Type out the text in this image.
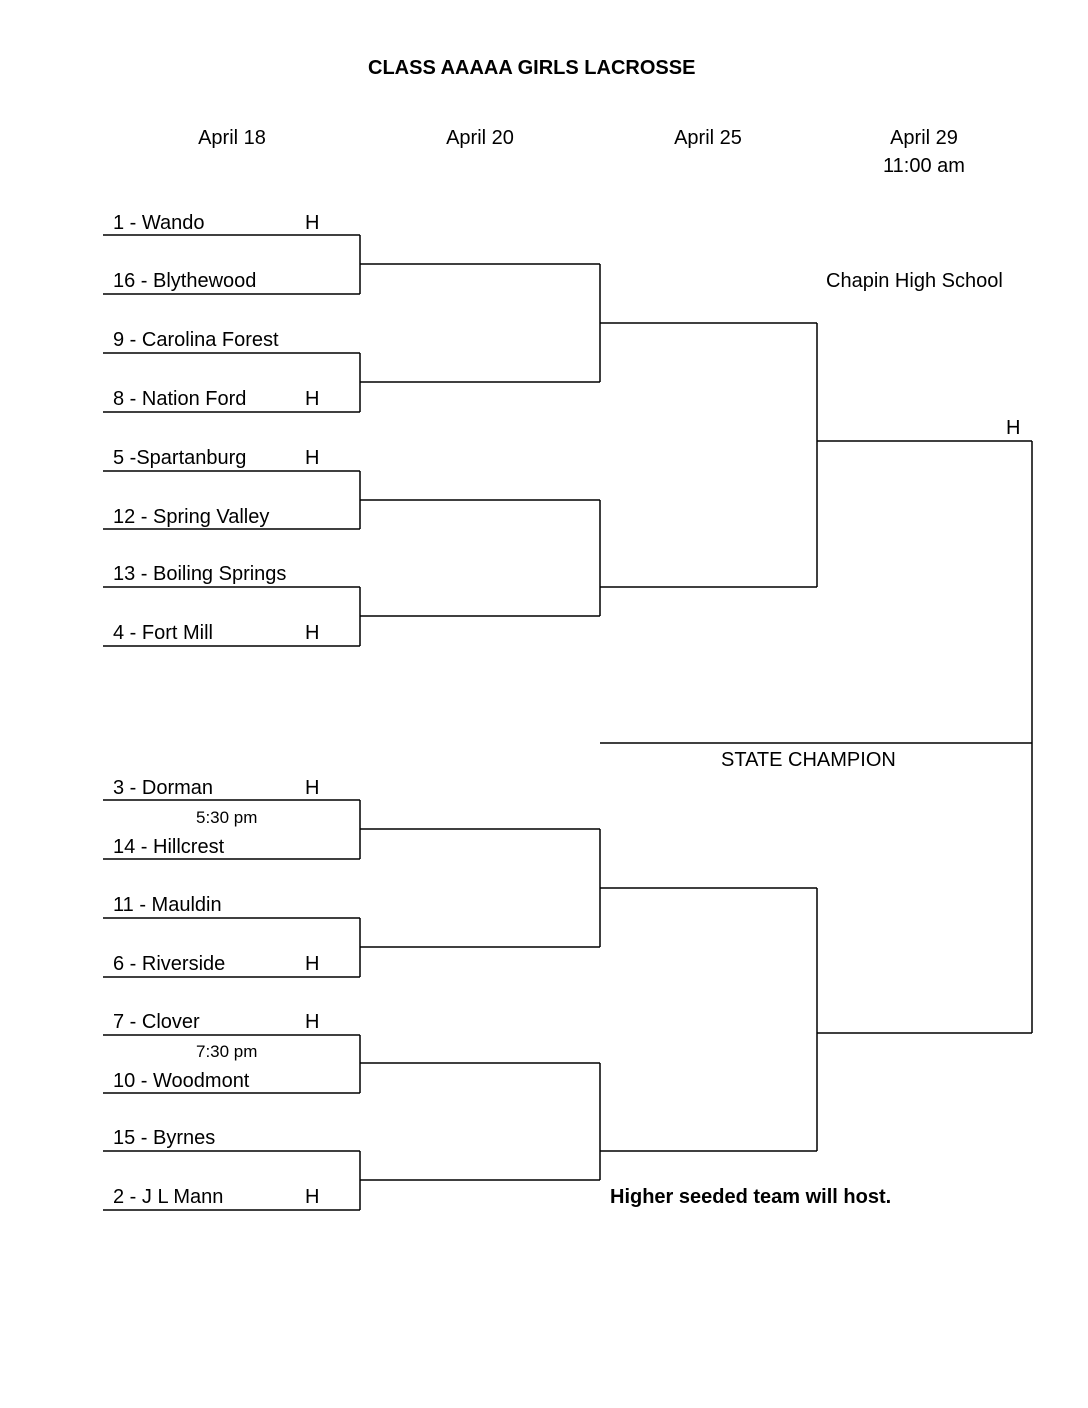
CLASS AAAAA GIRLS LACROSSE
April 18	April 20	April 25	April 29
11:00 am
1 - Wando
16 - Blythewood
9 - Carolina Forest
8 - Nation Ford
5 -Spartanburg
12 - Spring Valley
13 - Boiling Springs
4 - Fort Mill
3 - Dorman
14 - Hillcrest
11 - Mauldin
6 - Riverside
7 - Clover
10 - Woodmont
15 - Byrnes
2 - J L Mann
H
H
H
H
H
H
H
H
5:30 pm
7:30 pm
Chapin High School
H
STATE CHAMPION
Higher seeded team will host.
